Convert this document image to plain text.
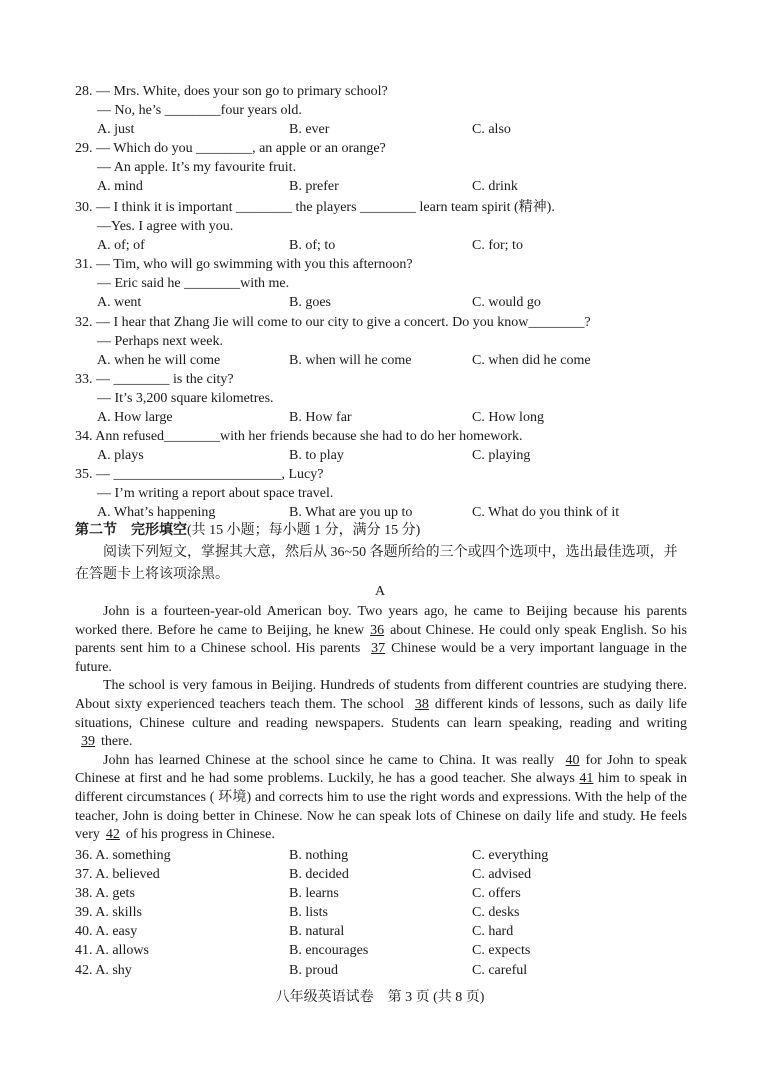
28. — Mrs. White, does your son go to primary school?
— No, he’s ________four years old.
A. just	B. ever	C. also
29. — Which do you ________, an apple or an orange?
— An apple. It’s my favourite fruit.
A. mind	B. prefer	C. drink
30. — I think it is important ________ the players ________ learn team spirit (精神).
—Yes. I agree with you.
A. of; of	B. of; to	C. for; to
31. — Tim, who will go swimming with you this afternoon?
— Eric said he ________with me.
A. went	B. goes	C. would go
32. — I hear that Zhang Jie will come to our city to give a concert. Do you know________?
— Perhaps next week.
A. when he will come	B. when will he come	C. when did he come
33. — ________ is the city?
— It’s 3,200 square kilometres.
A. How large	B. How far	C. How long
34. Ann refused________with her friends because she had to do her homework.
A. plays	B. to play	C. playing
35. — ________________________, Lucy?
— I’m writing a report about space travel.
A. What’s happening	B. What are you up to	C. What do you think of it
第二节　完形填空(共 15 小题；每小题 1 分，满分 15 分)

阅读下列短文，掌握其大意，然后从 36~50 各题所给的三个或四个选项中，选出最佳选项，并在答题卡上将该项涂黑。

A

John is a fourteen-year-old American boy. Two years ago, he came to Beijing because his parents worked there. Before he came to Beijing, he knew 36 about Chinese. He could only speak English. So his parents sent him to a Chinese school. His parents 37 Chinese would be a very important language in the future.

The school is very famous in Beijing. Hundreds of students from different countries are studying there. About sixty experienced teachers teach them. The school 38 different kinds of lessons, such as daily life situations, Chinese culture and reading newspapers. Students can learn speaking, reading and writing 39 there.

John has learned Chinese at the school since he came to China. It was really 40 for John to speak Chinese at first and he had some problems. Luckily, he has a good teacher. She always 41 him to speak in different circumstances ( 环境) and corrects him to use the right words and expressions. With the help of the teacher, John is doing better in Chinese. Now he can speak lots of Chinese on daily life and study. He feels very 42 of his progress in Chinese.

36. A. something	B. nothing	C. everything
37. A. believed	B. decided	C. advised
38. A. gets	B. learns	C. offers
39. A. skills	B. lists	C. desks
40. A. easy	B. natural	C. hard
41. A. allows	B. encourages	C. expects
42. A. shy	B. proud	C. careful
八年级英语试卷　第 3 页 (共 8 页)
